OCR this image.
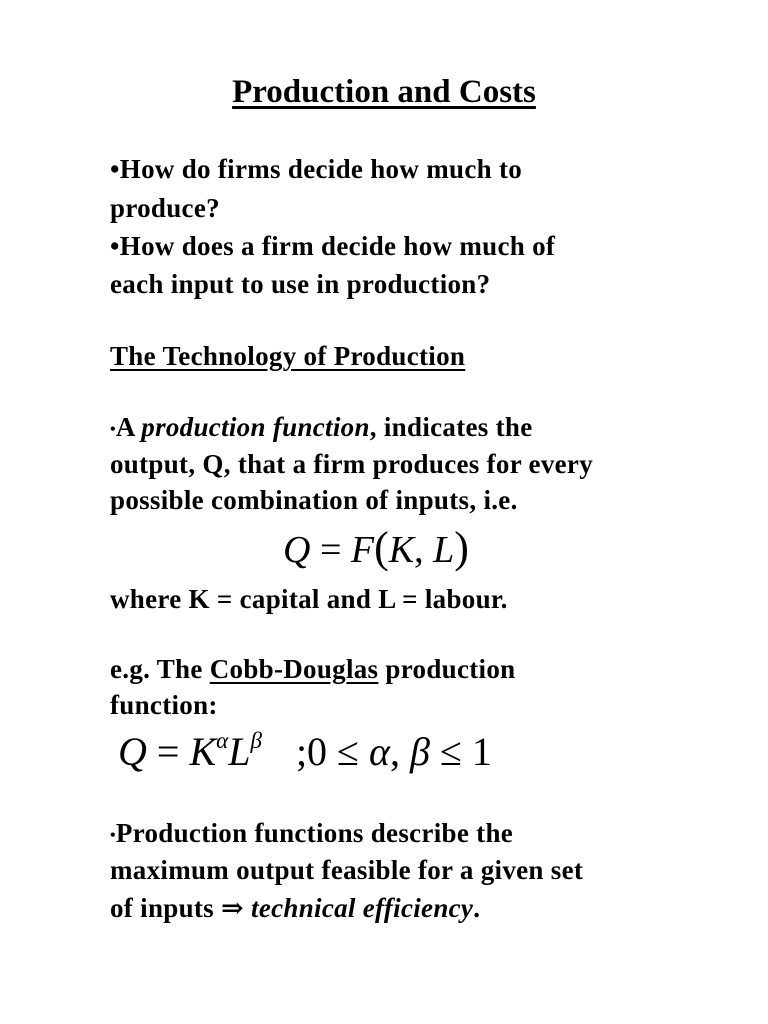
Production and Costs
•How do firms decide how much to
produce?
•How does a firm decide how much of
each input to use in production?
The Technology of Production
•A production function, indicates the
output, Q, that a firm produces for every
possible combination of inputs, i.e.
Q = F(K, L)
where K = capital and L = labour.
e.g. The Cobb-Douglas production
function:
$Q = K^\alpha L^\beta$ ;0 ≤ α, β ≤ 1
•Production functions describe the
maximum output feasible for a given set
of inputs ⇒ technical efficiency.
